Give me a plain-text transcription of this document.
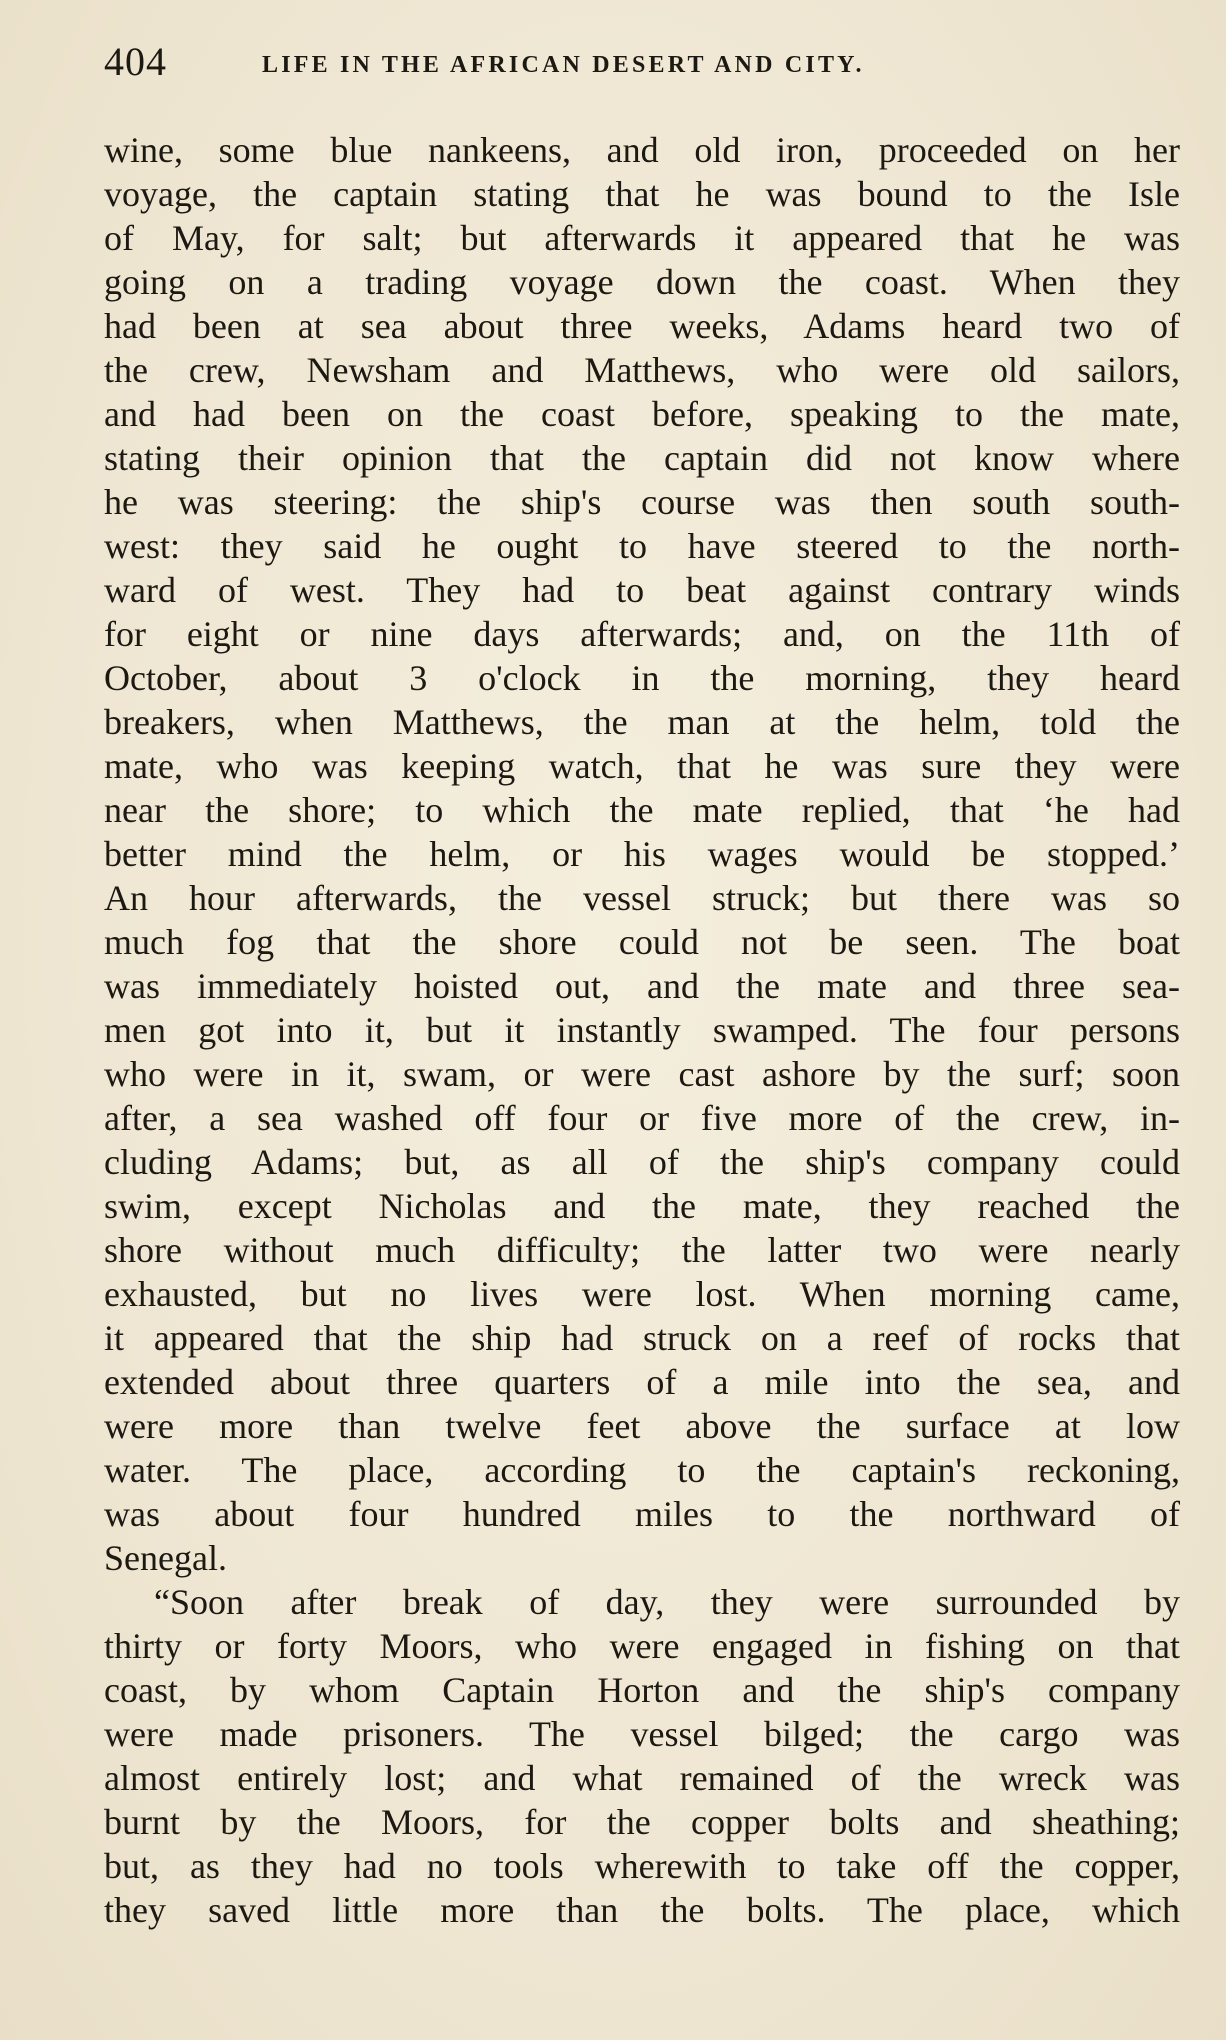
404	LIFE IN THE AFRICAN DESERT AND CITY.
wine, some blue nankeens, and old iron, proceeded on her
voyage, the captain stating that he was bound to the Isle
of May, for salt; but afterwards it appeared that he was
going on a trading voyage down the coast. When they
had been at sea about three weeks, Adams heard two of
the crew, Newsham and Matthews, who were old sailors,
and had been on the coast before, speaking to the mate,
stating their opinion that the captain did not know where
he was steering: the ship's course was then south south-
west: they said he ought to have steered to the north-
ward of west. They had to beat against contrary winds
for eight or nine days afterwards; and, on the 11th of
October, about 3 o'clock in the morning, they heard
breakers, when Matthews, the man at the helm, told the
mate, who was keeping watch, that he was sure they were
near the shore; to which the mate replied, that ‘he had
better mind the helm, or his wages would be stopped.’
An hour afterwards, the vessel struck; but there was so
much fog that the shore could not be seen. The boat
was immediately hoisted out, and the mate and three sea-
men got into it, but it instantly swamped. The four persons
who were in it, swam, or were cast ashore by the surf; soon
after, a sea washed off four or five more of the crew, in-
cluding Adams; but, as all of the ship's company could
swim, except Nicholas and the mate, they reached the
shore without much difficulty; the latter two were nearly
exhausted, but no lives were lost. When morning came,
it appeared that the ship had struck on a reef of rocks that
extended about three quarters of a mile into the sea, and
were more than twelve feet above the surface at low
water. The place, according to the captain's reckoning,
was about four hundred miles to the northward of
Senegal.
“Soon after break of day, they were surrounded by
thirty or forty Moors, who were engaged in fishing on that
coast, by whom Captain Horton and the ship's company
were made prisoners. The vessel bilged; the cargo was
almost entirely lost; and what remained of the wreck was
burnt by the Moors, for the copper bolts and sheathing;
but, as they had no tools wherewith to take off the copper,
they saved little more than the bolts. The place, which
